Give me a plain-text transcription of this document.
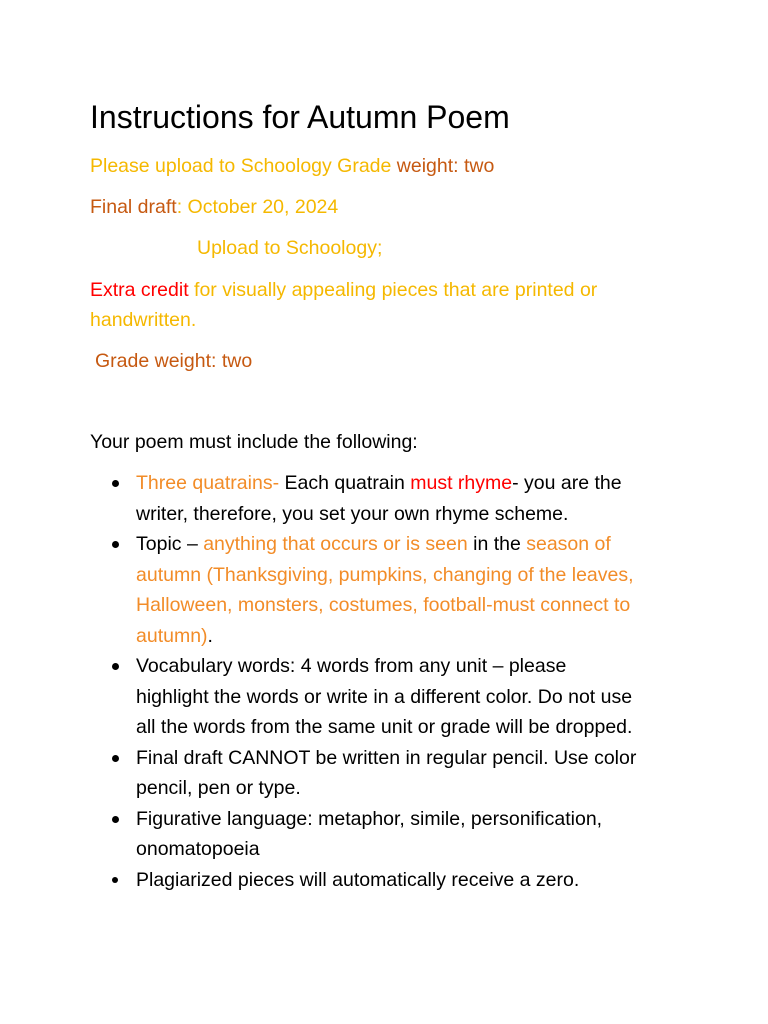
Instructions for Autumn Poem

Please upload to Schoology Grade weight: two

Final draft: October 20, 2024

Upload to Schoology;

Extra credit for visually appealing pieces that are printed or

handwritten.

Grade weight: two

Your poem must include the following:

Three quatrains- Each quatrain must rhyme- you are the
writer, therefore, you set your own rhyme scheme.
Topic – anything that occurs or is seen in the season of
autumn (Thanksgiving, pumpkins, changing of the leaves,
Halloween, monsters, costumes, football-must connect to
autumn).
Vocabulary words: 4 words from any unit – please
highlight the words or write in a different color. Do not use
all the words from the same unit or grade will be dropped.
Final draft CANNOT be written in regular pencil. Use color
pencil, pen or type.
Figurative language: metaphor, simile, personification,
onomatopoeia
Plagiarized pieces will automatically receive a zero.
